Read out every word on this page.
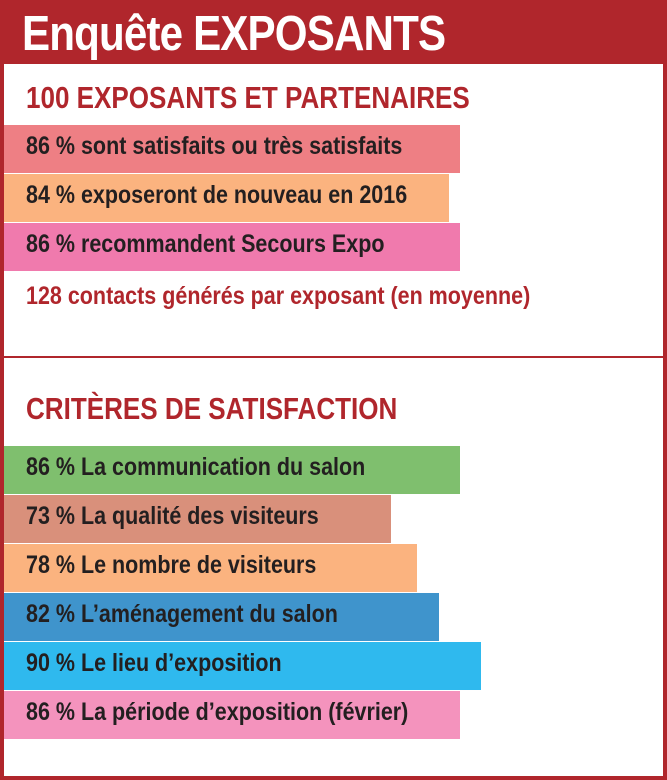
Enquête EXPOSANTS
100 EXPOSANTS ET PARTENAIRES
128 contacts générés par exposant (en moyenne)
CRITÈRES DE SATISFACTION
86 % sont satisfaits ou très satisfaits
84 % exposeront de nouveau en 2016
86 % recommandent Secours Expo
86 % La communication du salon
73 % La qualité des visiteurs
78 % Le nombre de visiteurs
82 % L’aménagement du salon
90 % Le lieu d’exposition
86 % La période d’exposition (février)
